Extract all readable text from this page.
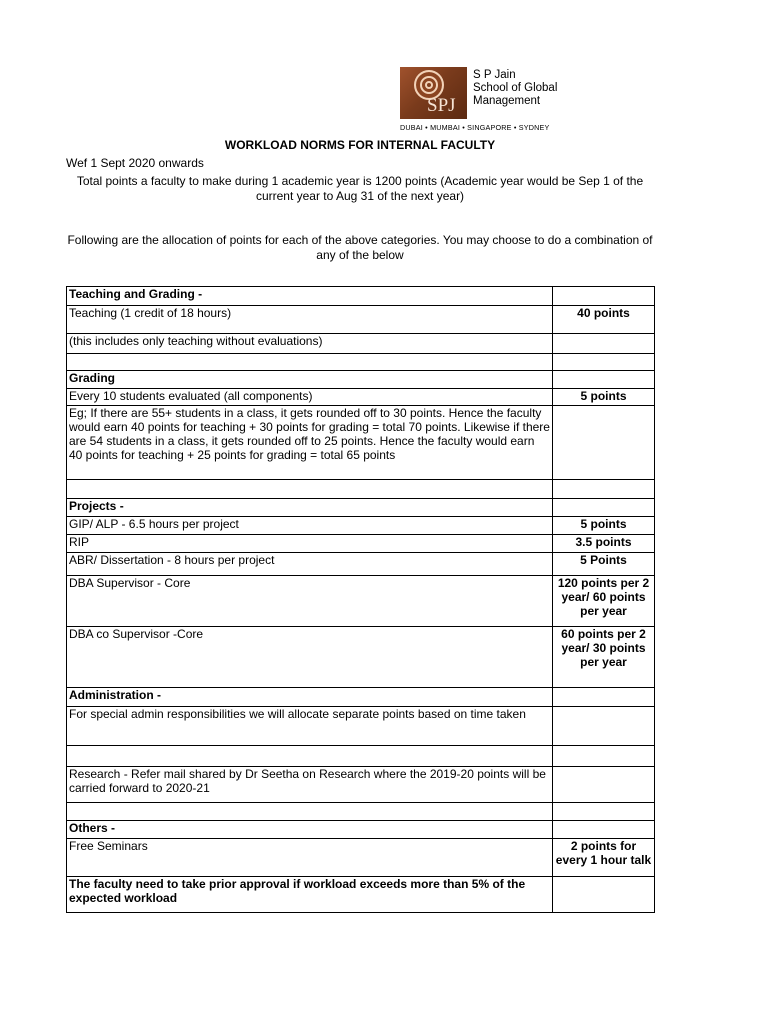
SPJ
S P Jain
School of Global
Management
DUBAI • MUMBAI • SINGAPORE • SYDNEY
WORKLOAD NORMS FOR INTERNAL FACULTY
Wef 1 Sept 2020 onwards
Total points a faculty to make during 1 academic year is 1200 points (Academic year would be Sep 1 of the current year to Aug 31 of the next year)
Following are the allocation of points for each of the above categories. You may choose to do a combination of any of the below
Teaching and Grading -	
Teaching (1 credit of 18 hours)	40 points
(this includes only teaching without evaluations)	

Grading	
Every 10 students evaluated (all components)	5 points
Eg; If there are 55+ students in a class, it gets rounded off to 30 points. Hence the faculty would earn 40 points for teaching + 30 points for grading = total 70 points. Likewise if there are 54 students in a class, it gets rounded off to 25 points. Hence the faculty would earn 40 points for teaching + 25 points for grading = total 65 points	

Projects -	
GIP/ ALP - 6.5 hours per project	5 points
RIP	3.5 points
ABR/ Dissertation - 8 hours per project	5 Points
DBA Supervisor - Core	120 points per 2 year/ 60 points per year
DBA co Supervisor -Core	60 points per 2 year/ 30 points per year
Administration -	
For special admin responsibilities we will allocate separate points based on time taken	

Research - Refer mail shared by Dr Seetha on Research where the 2019-20 points will be carried forward to 2020-21	

Others -	
Free Seminars	2 points for every 1 hour talk
The faculty need to take prior approval if workload exceeds more than 5% of the expected workload	
